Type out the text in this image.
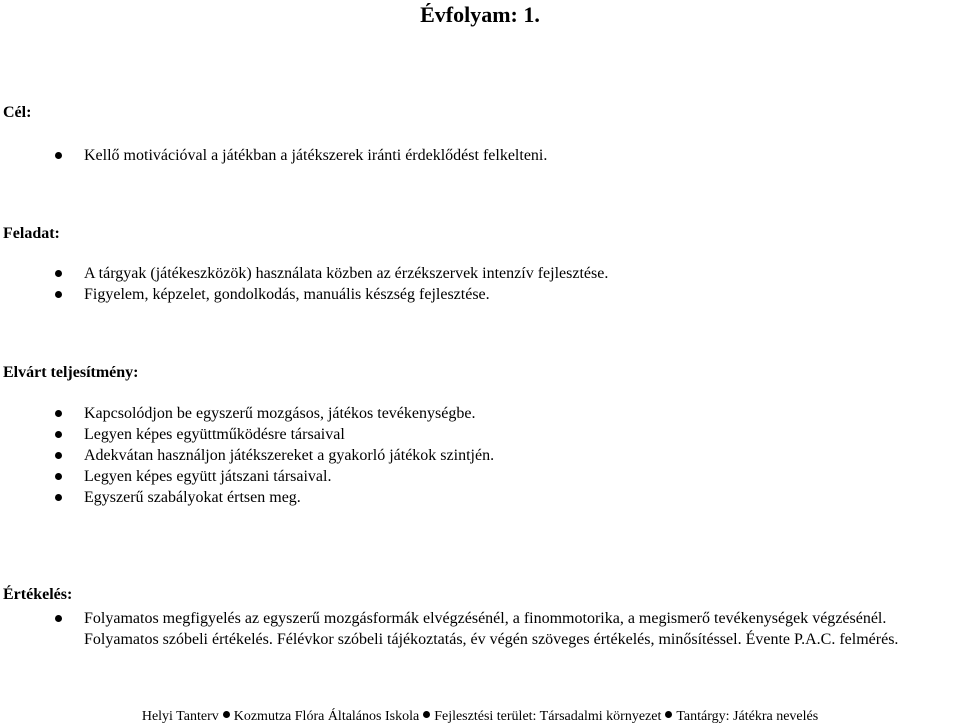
Évfolyam: 1.
Cél:
Kellő motivációval a játékban a játékszerek iránti érdeklődést felkelteni.
Feladat:
A tárgyak (játékeszközök) használata közben az érzékszervek intenzív fejlesztése.
Figyelem, képzelet, gondolkodás, manuális készség fejlesztése.
Elvárt teljesítmény:
Kapcsolódjon be egyszerű mozgásos, játékos tevékenységbe.
Legyen képes együttműködésre társaival
Adekvátan használjon játékszereket a gyakorló játékok szintjén.
Legyen képes együtt játszani társaival.
Egyszerű szabályokat értsen meg.
Értékelés:
Folyamatos megfigyelés az egyszerű mozgásformák elvégzésénél, a finommotorika, a megismerő tevékenységek végzésénél.
Folyamatos szóbeli értékelés. Félévkor szóbeli tájékoztatás, év végén szöveges értékelés, minősítéssel. Évente P.A.C. felmérés.
Helyi Tanterv Kozmutza Flóra Általános Iskola Fejlesztési terület: Társadalmi környezet Tantárgy: Játékra nevelés
